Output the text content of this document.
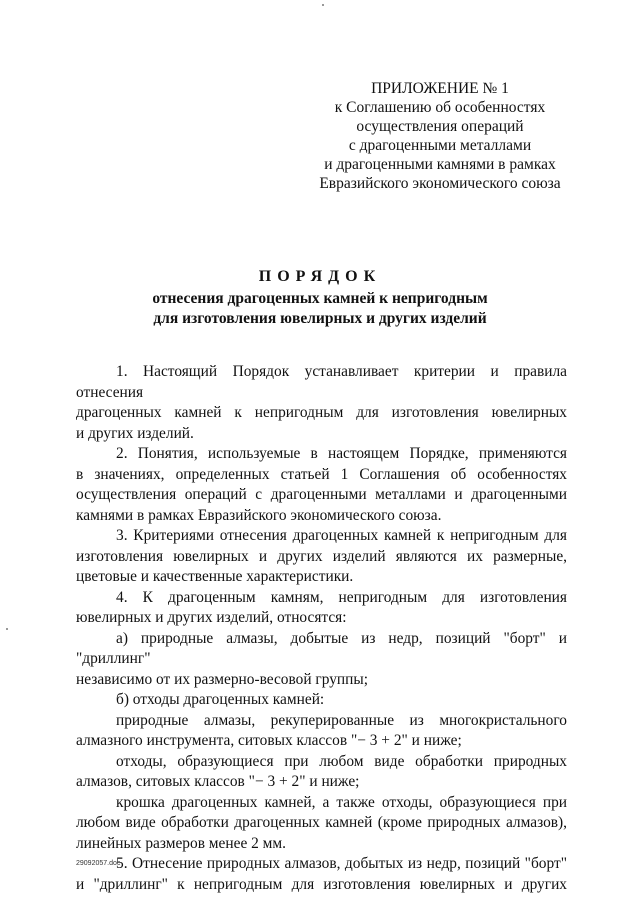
ПРИЛОЖЕНИЕ № 1
к Соглашению об особенностях
осуществления операций
с драгоценными металлами
и драгоценными камнями в рамках
Евразийского экономического союза
ПОРЯДОК
отнесения драгоценных камней к непригодным
для изготовления ювелирных и других изделий
1. Настоящий Порядок устанавливает критерии и правила отнесения
драгоценных камней к непригодным для изготовления ювелирных
и других изделий.
2. Понятия, используемые в настоящем Порядке, применяются
в значениях, определенных статьей 1 Соглашения об особенностях
осуществления операций с драгоценными металлами и драгоценными
камнями в рамках Евразийского экономического союза.
3. Критериями отнесения драгоценных камней к непригодным для
изготовления ювелирных и других изделий являются их размерные,
цветовые и качественные характеристики.
4. К драгоценным камням, непригодным для изготовления
ювелирных и других изделий, относятся:
а) природные алмазы, добытые из недр, позиций "борт" и "дриллинг"
независимо от их размерно-весовой группы;
б) отходы драгоценных камней:
природные алмазы, рекуперированные из многокристального
алмазного инструмента, ситовых классов "− 3 + 2" и ниже;
отходы, образующиеся при любом виде обработки природных
алмазов, ситовых классов "− 3 + 2" и ниже;
крошка драгоценных камней, а также отходы, образующиеся при
любом виде обработки драгоценных камней (кроме природных алмазов),
линейных размеров менее 2 мм.
5. Отнесение природных алмазов, добытых из недр, позиций "борт"
и "дриллинг" к непригодным для изготовления ювелирных и других
29092057.doc
